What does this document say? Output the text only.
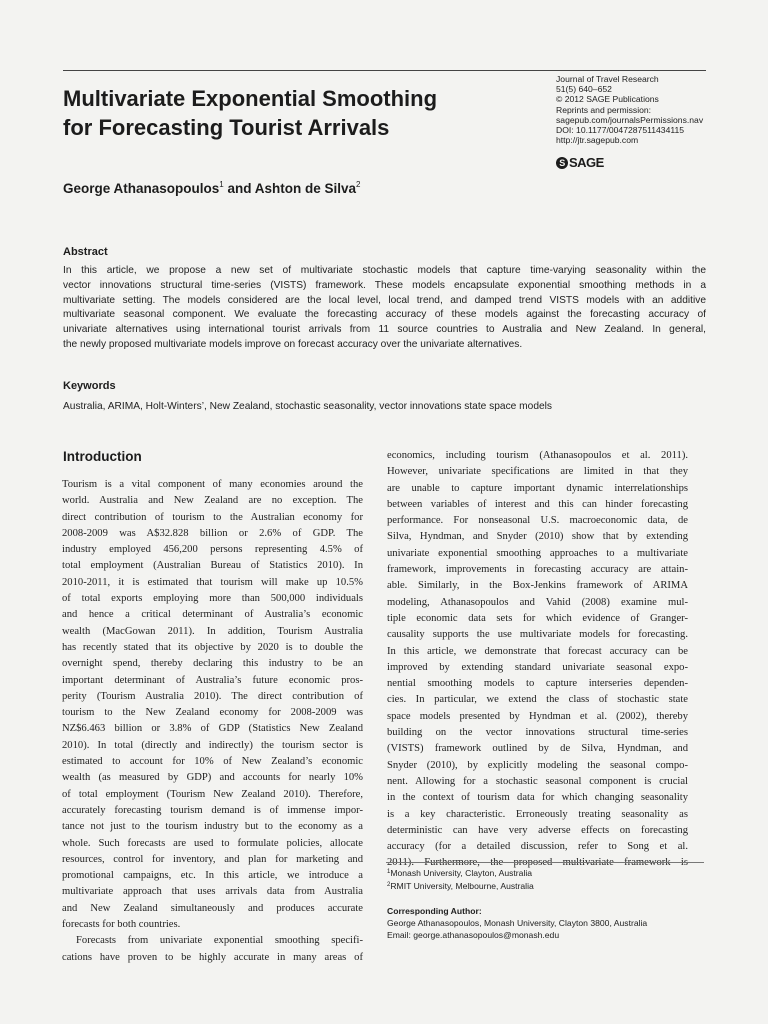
Multivariate Exponential Smoothing
for Forecasting Tourist Arrivals
Journal of Travel Research
51(5) 640–652
© 2012 SAGE Publications
Reprints and permission:
sagepub.com/journalsPermissions.nav
DOI: 10.1177/0047287511434115
http://jtr.sagepub.com
S SAGE
George Athanasopoulos$^1$ and Ashton de Silva$^2$
Abstract
In this article, we propose a new set of multivariate stochastic models that capture time-varying seasonality within the
vector innovations structural time-series (VISTS) framework. These models encapsulate exponential smoothing methods in a
multivariate setting. The models considered are the local level, local trend, and damped trend VISTS models with an additive
multivariate seasonal component. We evaluate the forecasting accuracy of these models against the forecasting accuracy of
univariate alternatives using international tourist arrivals from 11 source countries to Australia and New Zealand. In general,
the newly proposed multivariate models improve on forecast accuracy over the univariate alternatives.
Keywords
Australia, ARIMA, Holt-Winters’, New Zealand, stochastic seasonality, vector innovations state space models
Introduction
Tourism is a vital component of many economies around the
world. Australia and New Zealand are no exception. The
direct contribution of tourism to the Australian economy for
2008-2009 was A$32.828 billion or 2.6% of GDP. The
industry employed 456,200 persons representing 4.5% of
total employment (Australian Bureau of Statistics 2010). In
2010-2011, it is estimated that tourism will make up 10.5%
of total exports employing more than 500,000 individuals
and hence a critical determinant of Australia’s economic
wealth (MacGowan 2011). In addition, Tourism Australia
has recently stated that its objective by 2020 is to double the
overnight spend, thereby declaring this industry to be an
important determinant of Australia’s future economic pros-
perity (Tourism Australia 2010). The direct contribution of
tourism to the New Zealand economy for 2008-2009 was
NZ$6.463 billion or 3.8% of GDP (Statistics New Zealand
2010). In total (directly and indirectly) the tourism sector is
estimated to account for 10% of New Zealand’s economic
wealth (as measured by GDP) and accounts for nearly 10%
of total employment (Tourism New Zealand 2010). Therefore,
accurately forecasting tourism demand is of immense impor-
tance not just to the tourism industry but to the economy as a
whole. Such forecasts are used to formulate policies, allocate
resources, control for inventory, and plan for marketing and
promotional campaigns, etc. In this article, we introduce a
multivariate approach that uses arrivals data from Australia
and New Zealand simultaneously and produces accurate
forecasts for both countries.
Forecasts from univariate exponential smoothing specifi-
cations have proven to be highly accurate in many areas of
economics, including tourism (Athanasopoulos et al. 2011).
However, univariate specifications are limited in that they
are unable to capture important dynamic interrelationships
between variables of interest and this can hinder forecasting
performance. For nonseasonal U.S. macroeconomic data, de
Silva, Hyndman, and Snyder (2010) show that by extending
univariate exponential smoothing approaches to a multivariate
framework, improvements in forecasting accuracy are attain-
able. Similarly, in the Box-Jenkins framework of ARIMA
modeling, Athanasopoulos and Vahid (2008) examine mul-
tiple economic data sets for which evidence of Granger-
causality supports the use multivariate models for forecasting.
In this article, we demonstrate that forecast accuracy can be
improved by extending standard univariate seasonal expo-
nential smoothing models to capture interseries dependen-
cies. In particular, we extend the class of stochastic state
space models presented by Hyndman et al. (2002), thereby
building on the vector innovations structural time-series
(VISTS) framework outlined by de Silva, Hyndman, and
Snyder (2010), by explicitly modeling the seasonal compo-
nent. Allowing for a stochastic seasonal component is crucial
in the context of tourism data for which changing seasonality
is a key characteristic. Erroneously treating seasonality as
deterministic can have very adverse effects on forecasting
accuracy (for a detailed discussion, refer to Song et al.
$^1$Monash University, Clayton, Australia
$^2$RMIT University, Melbourne, Australia
Corresponding Author:
George Athanasopoulos, Monash University, Clayton 3800, Australia
Email: george.athanasopoulos@monash.edu
